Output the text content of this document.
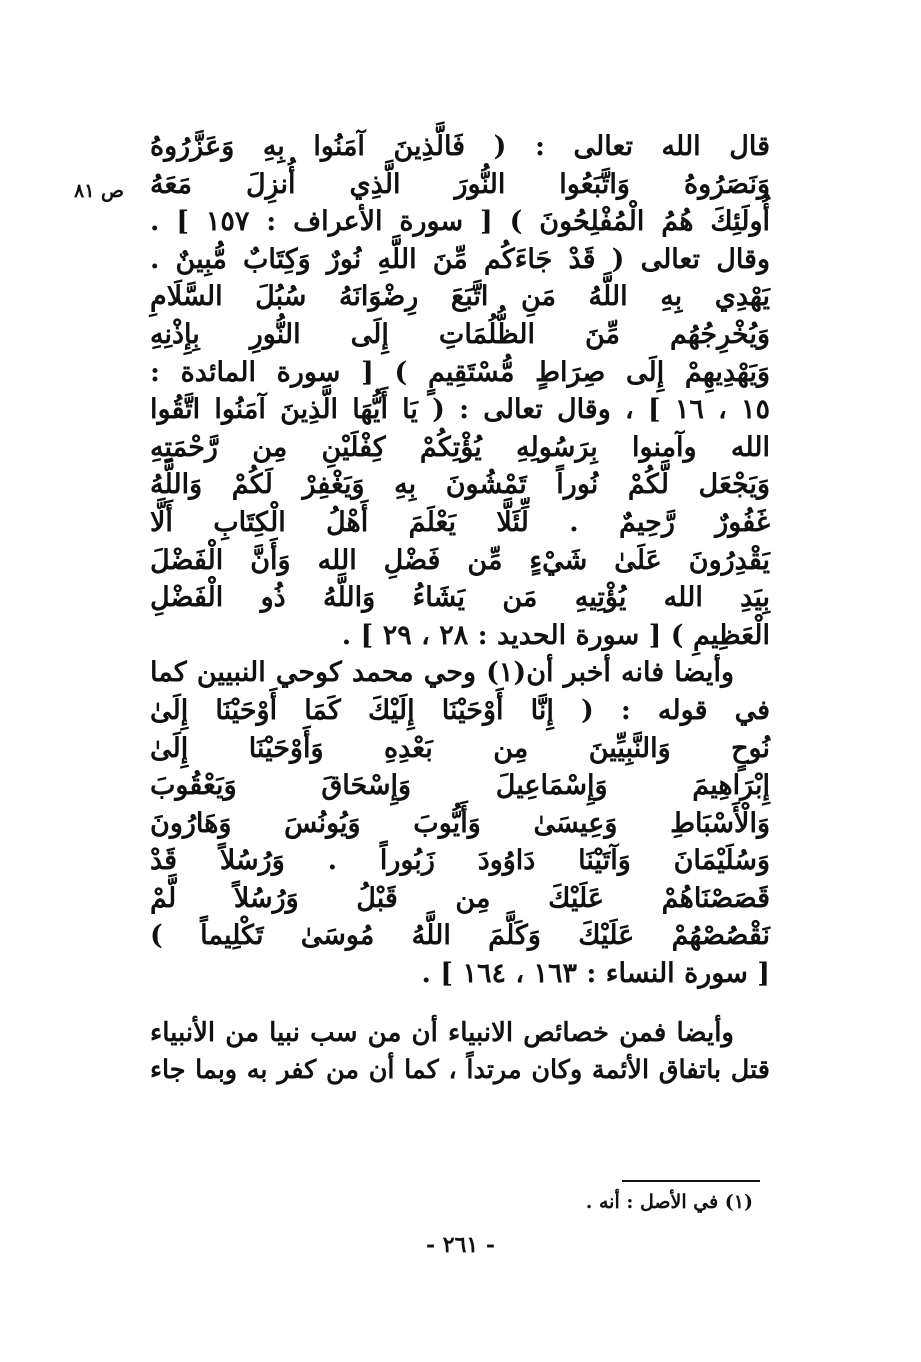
ص ٨١
قال الله تعالى : ( فَالَّذِينَ آمَنُوا بِهِ وَعَزَّرُوهُ
وَنَصَرُوهُ وَاتَّبَعُوا النُّورَ الَّذِي أُنزِلَ مَعَهُ
أُولَئِكَ هُمُ الْمُفْلِحُونَ ) [ سورة الأعراف : ١٥٧ ] .
وقال تعالى ( قَدْ جَاءَكُم مِّنَ اللَّهِ نُورٌ وَكِتَابٌ مُّبِينٌ .
يَهْدِي بِهِ اللَّهُ مَنِ اتَّبَعَ رِضْوَانَهُ سُبُلَ السَّلَامِ
وَيُخْرِجُهُم مِّنَ الظُّلُمَاتِ إِلَى النُّورِ بِإِذْنِهِ
وَيَهْدِيهِمْ إِلَى صِرَاطٍ مُّسْتَقِيمٍ ) [ سورة المائدة :
١٥ ، ١٦ ] ، وقال تعالى : ( يَا أَيُّهَا الَّذِينَ آمَنُوا اتَّقُوا
الله وآمنوا بِرَسُولِهِ يُؤْتِكُمْ كِفْلَيْنِ مِن رَّحْمَتِهِ
وَيَجْعَل لَّكُمْ نُوراً تَمْشُونَ بِهِ وَيَغْفِرْ لَكُمْ وَاللَّهُ
غَفُورٌ رَّحِيمٌ . لِّئَلَّا يَعْلَمَ أَهْلُ الْكِتَابِ أَلَّا
يَقْدِرُونَ عَلَىٰ شَيْءٍ مِّن فَضْلِ الله وَأَنَّ الْفَضْلَ
بِيَدِ الله يُؤْتِيهِ مَن يَشَاءُ وَاللَّهُ ذُو الْفَضْلِ
الْعَظِيمِ ) [ سورة الحديد : ٢٨ ، ٢٩ ] .
وأيضا فانه أخبر أن(١) وحي محمد كوحي النبيين كما
في قوله : ( إِنَّا أَوْحَيْنَا إِلَيْكَ كَمَا أَوْحَيْنَا إِلَىٰ
نُوحٍ وَالنَّبِيِّينَ مِن بَعْدِهِ وَأَوْحَيْنَا إِلَىٰ
إِبْرَاهِيمَ وَإِسْمَاعِيلَ وَإِسْحَاقَ وَيَعْقُوبَ
وَالْأَسْبَاطِ وَعِيسَىٰ وَأَيُّوبَ وَيُونُسَ وَهَارُونَ
وَسُلَيْمَانَ وَآتَيْنَا دَاوُودَ زَبُوراً . وَرُسُلاً قَدْ
قَصَصْنَاهُمْ عَلَيْكَ مِن قَبْلُ وَرُسُلاً لَّمْ
نَقْصُصْهُمْ عَلَيْكَ وَكَلَّمَ اللَّهُ مُوسَىٰ تَكْلِيماً )
[ سورة النساء : ١٦٣ ، ١٦٤ ] .
وأيضا فمن خصائص الانبياء أن من سب نبيا من الأنبياء
قتل باتفاق الأئمة وكان مرتداً ، كما أن من كفر به وبما جاء
(١) في الأصل : أنه .
- ٢٦١ -
